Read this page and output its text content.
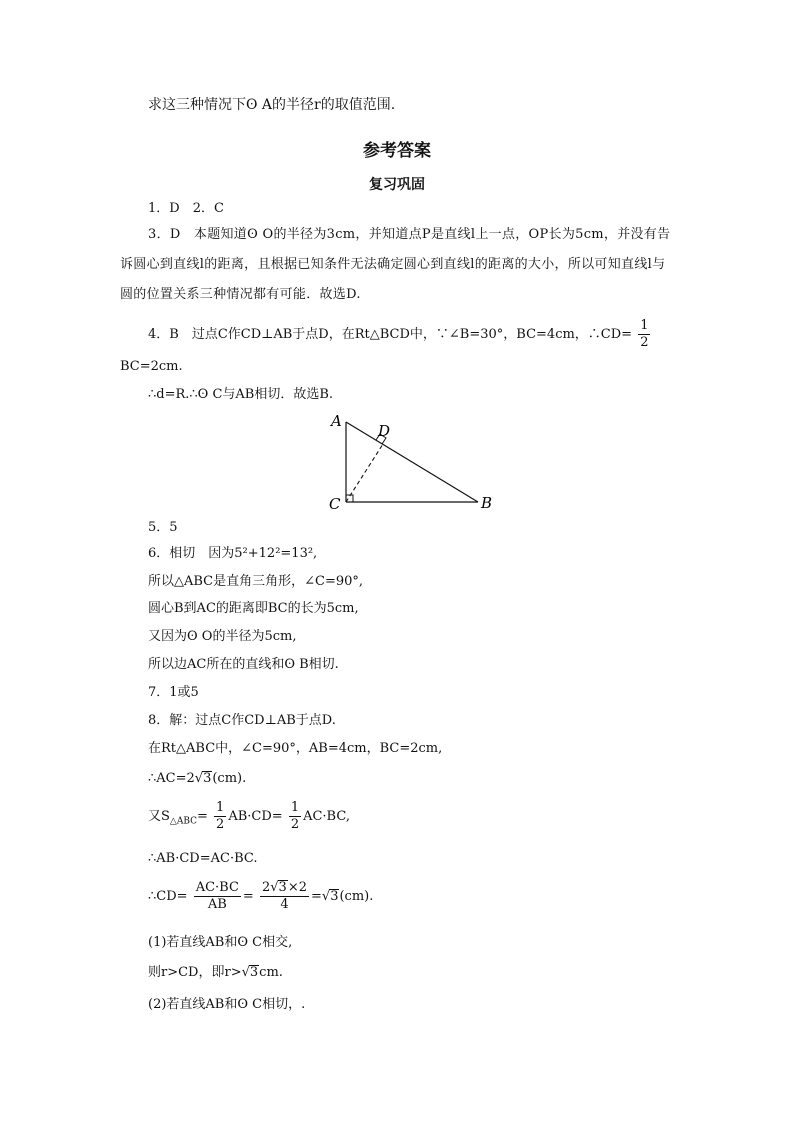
求这三种情况下ʘ A的半径r的取值范围.
参考答案
复习巩固
1．D　2．C
3．D　本题知道ʘ O的半径为3cm，并知道点P是直线l上一点，OP长为5cm，并没有告诉圆心到直线l的距离，且根据已知条件无法确定圆心到直线l的距离的大小，所以可知直线l与圆的位置关系三种情况都有可能．故选D.
4．B　过点C作CD⊥AB于点D，在Rt△BCD中，∵∠B=30°，BC=4cm，∴CD= $\frac{1}{2}$
BC=2cm.
∴d=R.∴ʘ C与AB相切．故选B.
A
D
C	B
5．5
6．相切　因为5²+12²=13²,
所以△ABC是直角三角形，∠C=90°,
圆心B到AC的距离即BC的长为5cm,
又因为ʘ O的半径为5cm,
所以边AC所在的直线和ʘ B相切.
7．1或5
8．解：过点C作CD⊥AB于点D.
在Rt△ABC中，∠C=90°，AB=4cm，BC=2cm,
∴AC=2√3(cm).
又$S_{\triangle ABC}= \frac{1}{2} AB\cdot CD= \frac{1}{2} AC\cdot BC$,
∴AB·CD=AC·BC.
∴CD= $\frac{AC\cdot BC}{AB} = \frac{2√3\times 2}{4} =√3(cm)$.
(1)若直线AB和ʘ C相交,
则r>CD，即r>√3cm.
(2)若直线AB和ʘ C相切，.
